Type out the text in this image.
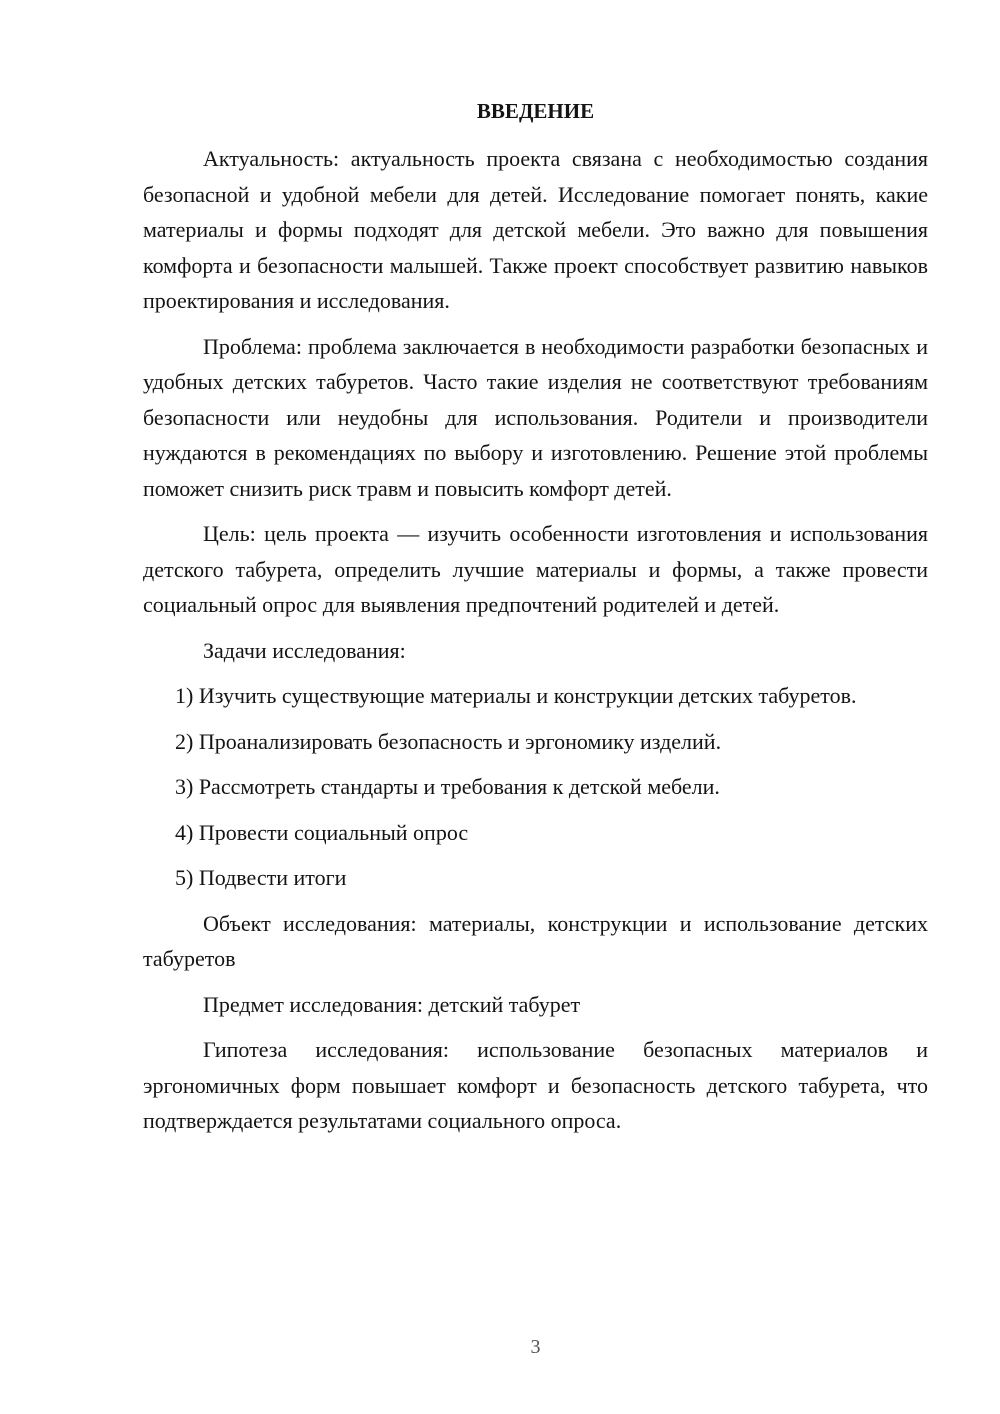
ВВЕДЕНИЕ

Актуальность: актуальность проекта связана с необходимостью создания безопасной и удобной мебели для детей. Исследование помогает понять, какие материалы и формы подходят для детской мебели. Это важно для повышения комфорта и безопасности малышей. Также проект способствует развитию навыков проектирования и исследования.

Проблема: проблема заключается в необходимости разработки безопасных и удобных детских табуретов. Часто такие изделия не соответствуют требованиям безопасности или неудобны для использования. Родители и производители нуждаются в рекомендациях по выбору и изготовлению. Решение этой проблемы поможет снизить риск травм и повысить комфорт детей.

Цель: цель проекта — изучить особенности изготовления и использования детского табурета, определить лучшие материалы и формы, а также провести социальный опрос для выявления предпочтений родителей и детей.

Задачи исследования:

1) Изучить существующие материалы и конструкции детских табуретов.

2) Проанализировать безопасность и эргономику изделий.

3) Рассмотреть стандарты и требования к детской мебели.

4) Провести социальный опрос

5) Подвести итоги

Объект исследования: материалы, конструкции и использование детских табуретов

Предмет исследования: детский табурет

Гипотеза исследования: использование безопасных материалов и эргономичных форм повышает комфорт и безопасность детского табурета, что подтверждается результатами социального опроса.

3
